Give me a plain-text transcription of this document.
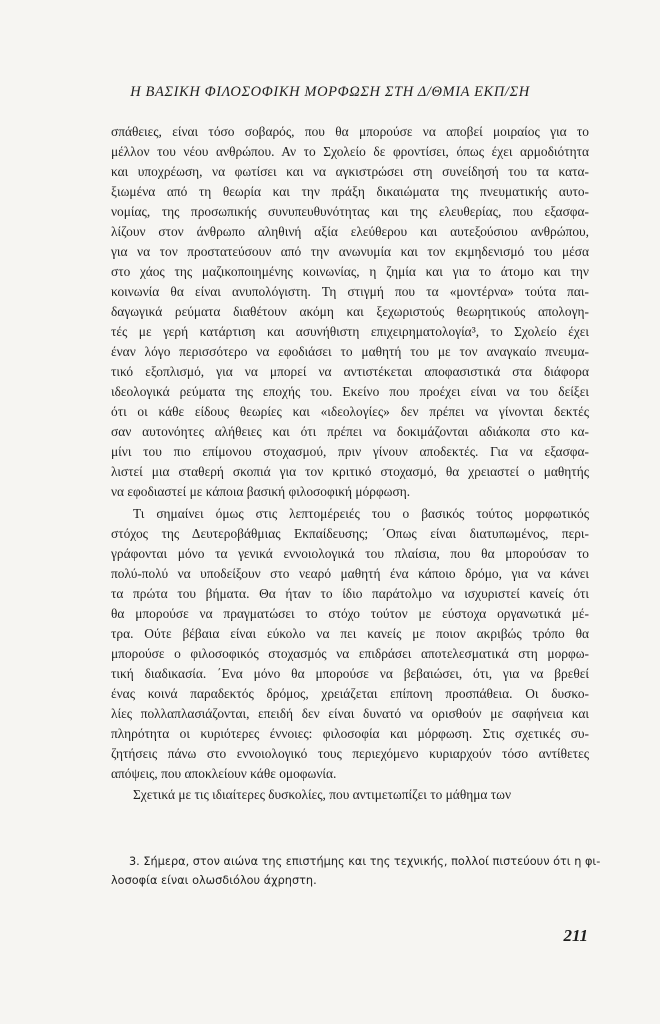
Η ΒΑΣΙΚΗ ΦΙΛΟΣΟΦΙΚΗ ΜΟΡΦΩΣΗ ΣΤΗ Δ/ΘΜΙΑ ΕΚΠ/ΣΗ
σπάθειες, είναι τόσο σοβαρός, που θα μπορούσε να αποβεί μοιραίος για το
μέλλον του νέου ανθρώπου. Αν το Σχολείο δε φροντίσει, όπως έχει αρμοδιότητα
και υποχρέωση, να φωτίσει και να αγκιστρώσει στη συνείδησή του τα κατα-
ξιωμένα από τη θεωρία και την πράξη δικαιώματα της πνευματικής αυτο-
νομίας, της προσωπικής συνυπευθυνότητας και της ελευθερίας, που εξασφα-
λίζουν στον άνθρωπο αληθινή αξία ελεύθερου και αυτεξούσιου ανθρώπου,
για να τον προστατεύσουν από την ανωνυμία και τον εκμηδενισμό του μέσα
στο χάος της μαζικοποιημένης κοινωνίας, η ζημία και για το άτομο και την
κοινωνία θα είναι ανυπολόγιστη. Τη στιγμή που τα «μοντέρνα» τούτα παι-
δαγωγικά ρεύματα διαθέτουν ακόμη και ξεχωριστούς θεωρητικούς απολογη-
τές με γερή κατάρτιση και ασυνήθιστη επιχειρηματολογία³, το Σχολείο έχει
έναν λόγο περισσότερο να εφοδιάσει το μαθητή του με τον αναγκαίο πνευμα-
τικό εξοπλισμό, για να μπορεί να αντιστέκεται αποφασιστικά στα διάφορα
ιδεολογικά ρεύματα της εποχής του. Εκείνο που προέχει είναι να του δείξει
ότι οι κάθε είδους θεωρίες και «ιδεολογίες» δεν πρέπει να γίνονται δεκτές
σαν αυτονόητες αλήθειες και ότι πρέπει να δοκιμάζονται αδιάκοπα στο κα-
μίνι του πιο επίμονου στοχασμού, πριν γίνουν αποδεκτές. Για να εξασφα-
λιστεί μια σταθερή σκοπιά για τον κριτικό στοχασμό, θα χρειαστεί ο μαθητής
να εφοδιαστεί με κάποια βασική φιλοσοφική μόρφωση.
Τι σημαίνει όμως στις λεπτομέρειές του ο βασικός τούτος μορφωτικός
στόχος της Δευτεροβάθμιας Εκπαίδευσης; ΄Οπως είναι διατυπωμένος, περι-
γράφονται μόνο τα γενικά εννοιολογικά του πλαίσια, που θα μπορούσαν το
πολύ-πολύ να υποδείξουν στο νεαρό μαθητή ένα κάποιο δρόμο, για να κάνει
τα πρώτα του βήματα. Θα ήταν το ίδιο παράτολμο να ισχυριστεί κανείς ότι
θα μπορούσε να πραγματώσει το στόχο τούτον με εύστοχα οργανωτικά μέ-
τρα. Ούτε βέβαια είναι εύκολο να πει κανείς με ποιον ακριβώς τρόπο θα
μπορούσε ο φιλοσοφικός στοχασμός να επιδράσει αποτελεσματικά στη μορφω-
τική διαδικασία. ΄Ενα μόνο θα μπορούσε να βεβαιώσει, ότι, για να βρεθεί
ένας κοινά παραδεκτός δρόμος, χρειάζεται επίπονη προσπάθεια. Οι δυσκο-
λίες πολλαπλασιάζονται, επειδή δεν είναι δυνατό να ορισθούν με σαφήνεια και
πληρότητα οι κυριότερες έννοιες: φιλοσοφία και μόρφωση. Στις σχετικές συ-
ζητήσεις πάνω στο εννοιολογικό τους περιεχόμενο κυριαρχούν τόσο αντίθετες
απόψεις, που αποκλείουν κάθε ομοφωνία.
Σχετικά με τις ιδιαίτερες δυσκολίες, που αντιμετωπίζει το μάθημα των
3. Σήμερα, στον αιώνα της επιστήμης και της τεχνικής, πολλοί πιστεύουν ότι η φι-
λοσοφία είναι ολωσδιόλου άχρηστη.
211
